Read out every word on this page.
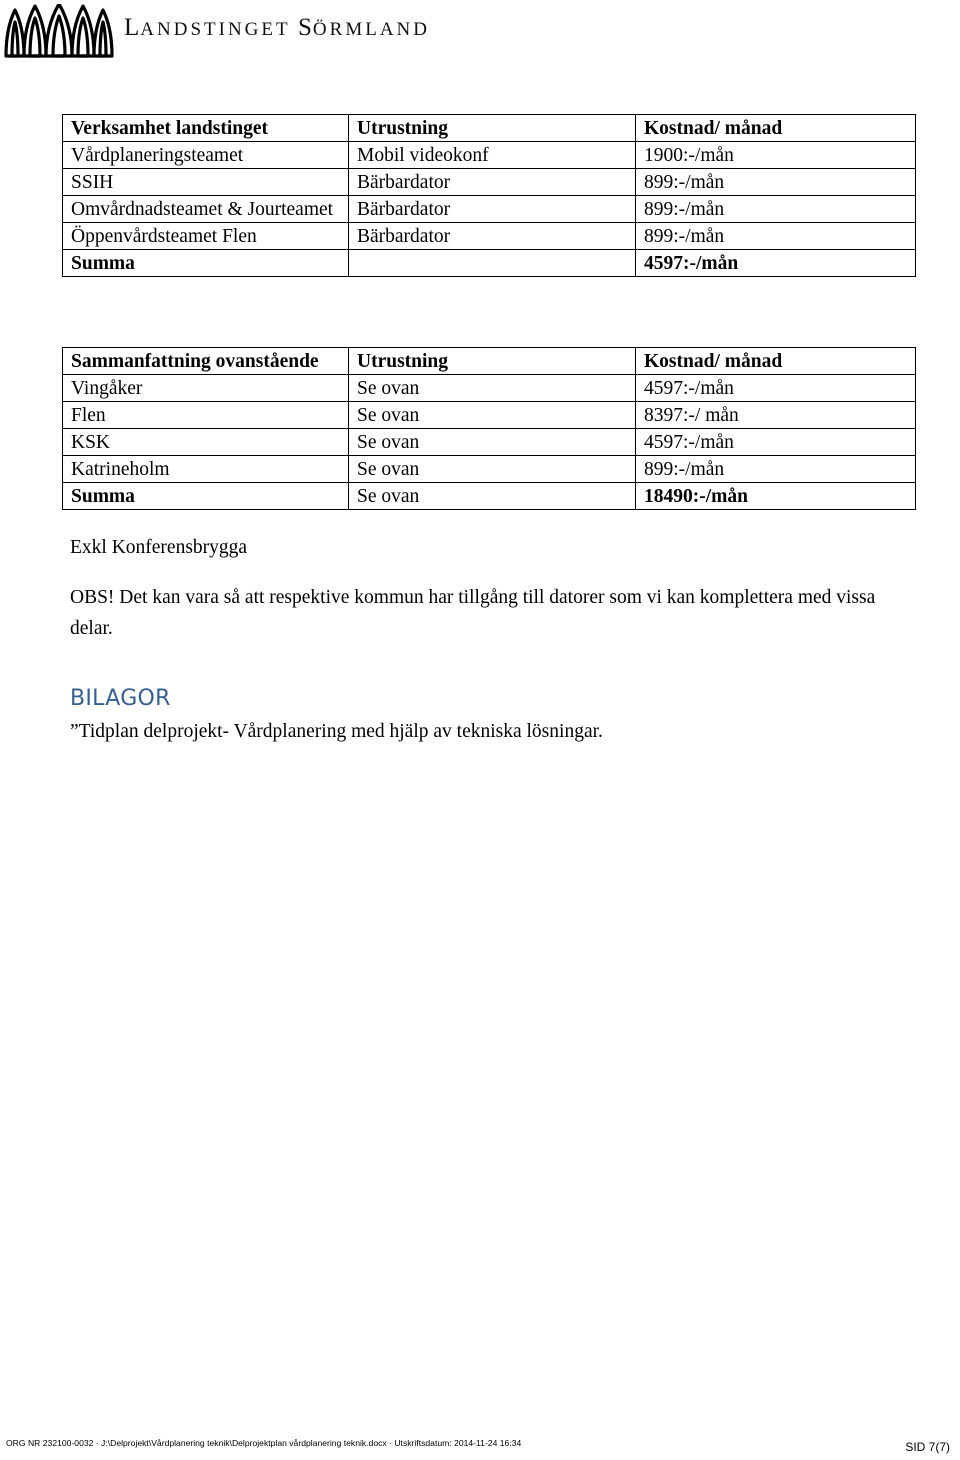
LANDSTINGET SÖRMLAND
Verksamhet landstinget	Utrustning	Kostnad/ månad
Vårdplaneringsteamet	Mobil videokonf	1900:-/mån
SSIH	Bärbardator	899:-/mån
Omvårdnadsteamet & Jourteamet	Bärbardator	899:-/mån
Öppenvårdsteamet Flen	Bärbardator	899:-/mån
Summa		4597:-/mån
Sammanfattning ovanstående	Utrustning	Kostnad/ månad
Vingåker	Se ovan	4597:-/mån
Flen	Se ovan	8397:-/ mån
KSK	Se ovan	4597:-/mån
Katrineholm	Se ovan	899:-/mån
Summa	Se ovan	18490:-/mån
Exkl Konferensbrygga
OBS! Det kan vara så att respektive kommun har tillgång till datorer som vi kan komplettera med vissa delar.
BILAGOR
”Tidplan delprojekt- Vårdplanering med hjälp av tekniska lösningar.
ORG NR 232100-0032 · J:\Delprojekt\Vårdplanering teknik\Delprojektplan vårdplanering teknik.docx · Utskriftsdatum: 2014-11-24 16:34	SID 7(7)
